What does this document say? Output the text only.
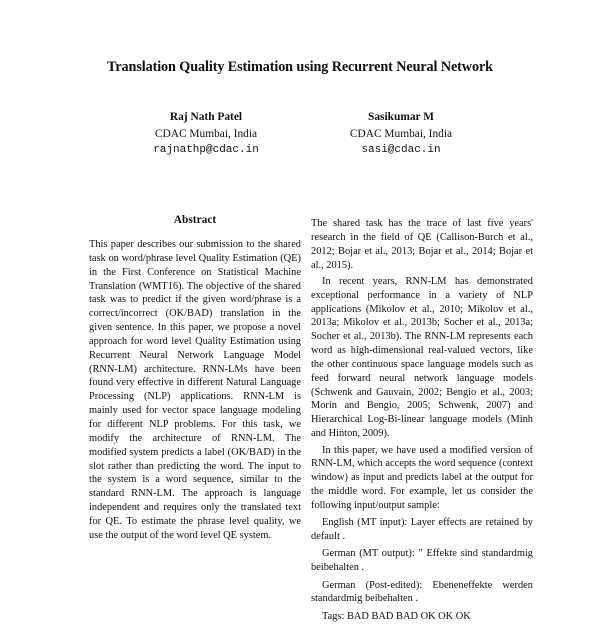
Translation Quality Estimation using Recurrent Neural Network
Raj Nath Patel
CDAC Mumbai, India
rajnathp@cdac.in
Sasikumar M
CDAC Mumbai, India
sasi@cdac.in
Abstract

This paper describes our submission to the shared task on word/phrase level Quality Estimation (QE) in the First Conference on Statistical Machine Translation (WMT16). The objective of the shared task was to predict if the given word/phrase is a correct/incorrect (OK/BAD) translation in the given sentence. In this paper, we propose a novel approach for word level Quality Estimation using Recurrent Neural Network Language Model (RNN-LM) architecture. RNN-LMs have been found very effective in different Natural Language Processing (NLP) applications. RNN-LM is mainly used for vector space language modeling for different NLP problems. For this task, we modify the architecture of RNN-LM. The modified system predicts a label (OK/BAD) in the slot rather than predicting the word. The input to the system is a word sequence, similar to the standard RNN-LM. The approach is language independent and requires only the translated text for QE. To estimate the phrase level quality, we use the output of the word level QE system.

The shared task has the trace of last five years' research in the field of QE (Callison-Burch et al., 2012; Bojar et al., 2013; Bojar et al., 2014; Bojar et al., 2015).

In recent years, RNN-LM has demonstrated exceptional performance in a variety of NLP applications (Mikolov et al., 2010; Mikolov et al., 2013a; Mikolov et al., 2013b; Socher et al., 2013a; Socher et al., 2013b). The RNN-LM represents each word as high-dimensional real-valued vectors, like the other continuous space language models such as feed forward neural network language models (Schwenk and Gauvain, 2002; Bengio et al., 2003; Morin and Bengio, 2005; Schwenk, 2007) and Hierarchical Log-Bi-linear language models (Minh and Hinton, 2009).

In this paper, we have used a modified version of RNN-LM, which accepts the word sequence (context window) as input and predicts label at the output for the middle word. For example, let us consider the following input/output sample:

English (MT input): Layer effects are retained by default .

German (MT output): " Effekte sind standardmig beibehalten .

German (Post-edited): Ebeneneffekte werden standardmig beibehalten .

Tags: BAD BAD BAD OK OK OK
